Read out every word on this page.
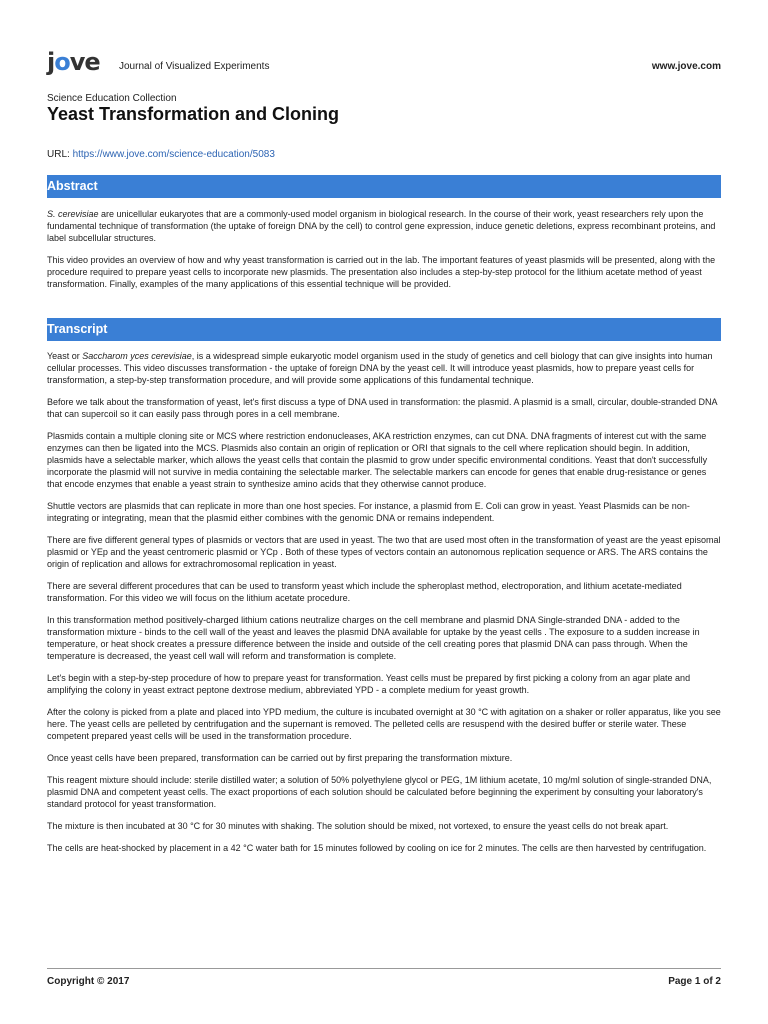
jove Journal of Visualized Experiments	www.jove.com
Science Education Collection
Yeast Transformation and Cloning
URL: https://www.jove.com/science-education/5083
Abstract

S. cerevisiae are unicellular eukaryotes that are a commonly-used model organism in biological research. In the course of their work, yeast researchers rely upon the fundamental technique of transformation (the uptake of foreign DNA by the cell) to control gene expression, induce genetic deletions, express recombinant proteins, and label subcellular structures.

This video provides an overview of how and why yeast transformation is carried out in the lab. The important features of yeast plasmids will be presented, along with the procedure required to prepare yeast cells to incorporate new plasmids. The presentation also includes a step-by-step protocol for the lithium acetate method of yeast transformation. Finally, examples of the many applications of this essential technique will be provided.

Transcript

Yeast or Saccharom yces cerevisiae, is a widespread simple eukaryotic model organism used in the study of genetics and cell biology that can give insights into human cellular processes. This video discusses transformation - the uptake of foreign DNA by the yeast cell. It will introduce yeast plasmids, how to prepare yeast cells for transformation, a step-by-step transformation procedure, and will provide some applications of this fundamental technique.

Before we talk about the transformation of yeast, let's first discuss a type of DNA used in transformation: the plasmid. A plasmid is a small, circular, double-stranded DNA that can supercoil so it can easily pass through pores in a cell membrane.

Plasmids contain a multiple cloning site or MCS where restriction endonucleases, AKA restriction enzymes, can cut DNA. DNA fragments of interest cut with the same enzymes can then be ligated into the MCS. Plasmids also contain an origin of replication or ORI that signals to the cell where replication should begin. In addition, plasmids have a selectable marker, which allows the yeast cells that contain the plasmid to grow under specific environmental conditions. Yeast that don't successfully incorporate the plasmid will not survive in media containing the selectable marker. The selectable markers can encode for genes that enable drug-resistance or genes that encode enzymes that enable a yeast strain to synthesize amino acids that they otherwise cannot produce.

Shuttle vectors are plasmids that can replicate in more than one host species. For instance, a plasmid from E. Coli can grow in yeast. Yeast Plasmids can be non-integrating or integrating, mean that the plasmid either combines with the genomic DNA or remains independent.

There are five different general types of plasmids or vectors that are used in yeast. The two that are used most often in the transformation of yeast are the yeast episomal plasmid or YEp and the yeast centromeric plasmid or YCp . Both of these types of vectors contain an autonomous replication sequence or ARS. The ARS contains the origin of replication and allows for extrachromosomal replication in yeast.

There are several different procedures that can be used to transform yeast which include the spheroplast method, electroporation, and lithium acetate-mediated transformation. For this video we will focus on the lithium acetate procedure.

In this transformation method positively-charged lithium cations neutralize charges on the cell membrane and plasmid DNA Single-stranded DNA - added to the transformation mixture - binds to the cell wall of the yeast and leaves the plasmid DNA available for uptake by the yeast cells . The exposure to a sudden increase in temperature, or heat shock creates a pressure difference between the inside and outside of the cell creating pores that plasmid DNA can pass through. When the temperature is decreased, the yeast cell wall will reform and transformation is complete.

Let's begin with a step-by-step procedure of how to prepare yeast for transformation. Yeast cells must be prepared by first picking a colony from an agar plate and amplifying the colony in yeast extract peptone dextrose medium, abbreviated YPD - a complete medium for yeast growth.

After the colony is picked from a plate and placed into YPD medium, the culture is incubated overnight at 30 °C with agitation on a shaker or roller apparatus, like you see here. The yeast cells are pelleted by centrifugation and the supernant is removed. The pelleted cells are resuspend with the desired buffer or sterile water. These competent prepared yeast cells will be used in the transformation procedure.

Once yeast cells have been prepared, transformation can be carried out by first preparing the transformation mixture.

This reagent mixture should include: sterile distilled water; a solution of 50% polyethylene glycol or PEG, 1M lithium acetate, 10 mg/ml solution of single-stranded DNA, plasmid DNA and competent yeast cells. The exact proportions of each solution should be calculated before beginning the experiment by consulting your laboratory's standard protocol for yeast transformation.

The mixture is then incubated at 30 °C for 30 minutes with shaking. The solution should be mixed, not vortexed, to ensure the yeast cells do not break apart.

The cells are heat-shocked by placement in a 42 °C water bath for 15 minutes followed by cooling on ice for 2 minutes. The cells are then harvested by centrifugation.

Copyright © 2017	Page 1 of 2
